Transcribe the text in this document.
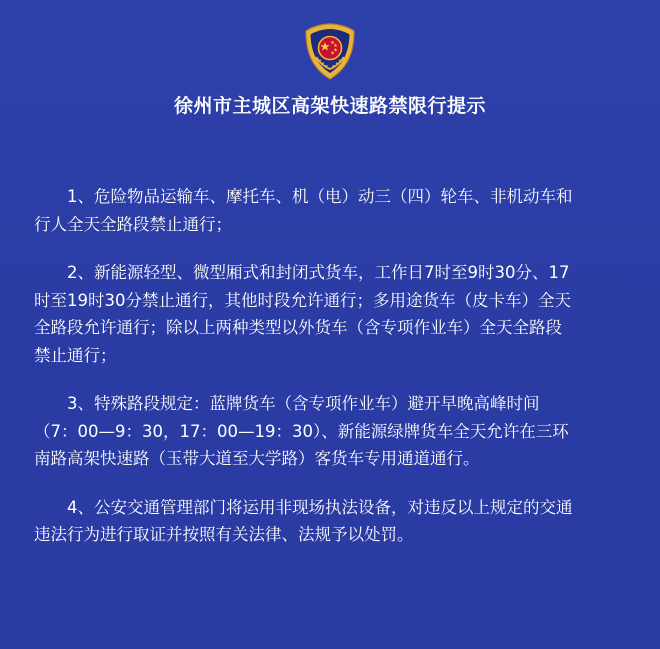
徐州市主城区高架快速路禁限行提示

1、危险物品运输车、摩托车、机（电）动三（四）轮车、非机动车和
行人全天全路段禁止通行；

2、新能源轻型、微型厢式和封闭式货车，工作日7时至9时30分、17
时至19时30分禁止通行，其他时段允许通行；多用途货车（皮卡车）全天
全路段允许通行；除以上两种类型以外货车（含专项作业车）全天全路段
禁止通行；

3、特殊路段规定：蓝牌货车（含专项作业车）避开早晚高峰时间
（7：00—9：30，17：00—19：30）、新能源绿牌货车全天允许在三环
南路高架快速路（玉带大道至大学路）客货车专用通道通行。

4、公安交通管理部门将运用非现场执法设备，对违反以上规定的交通
违法行为进行取证并按照有关法律、法规予以处罚。
